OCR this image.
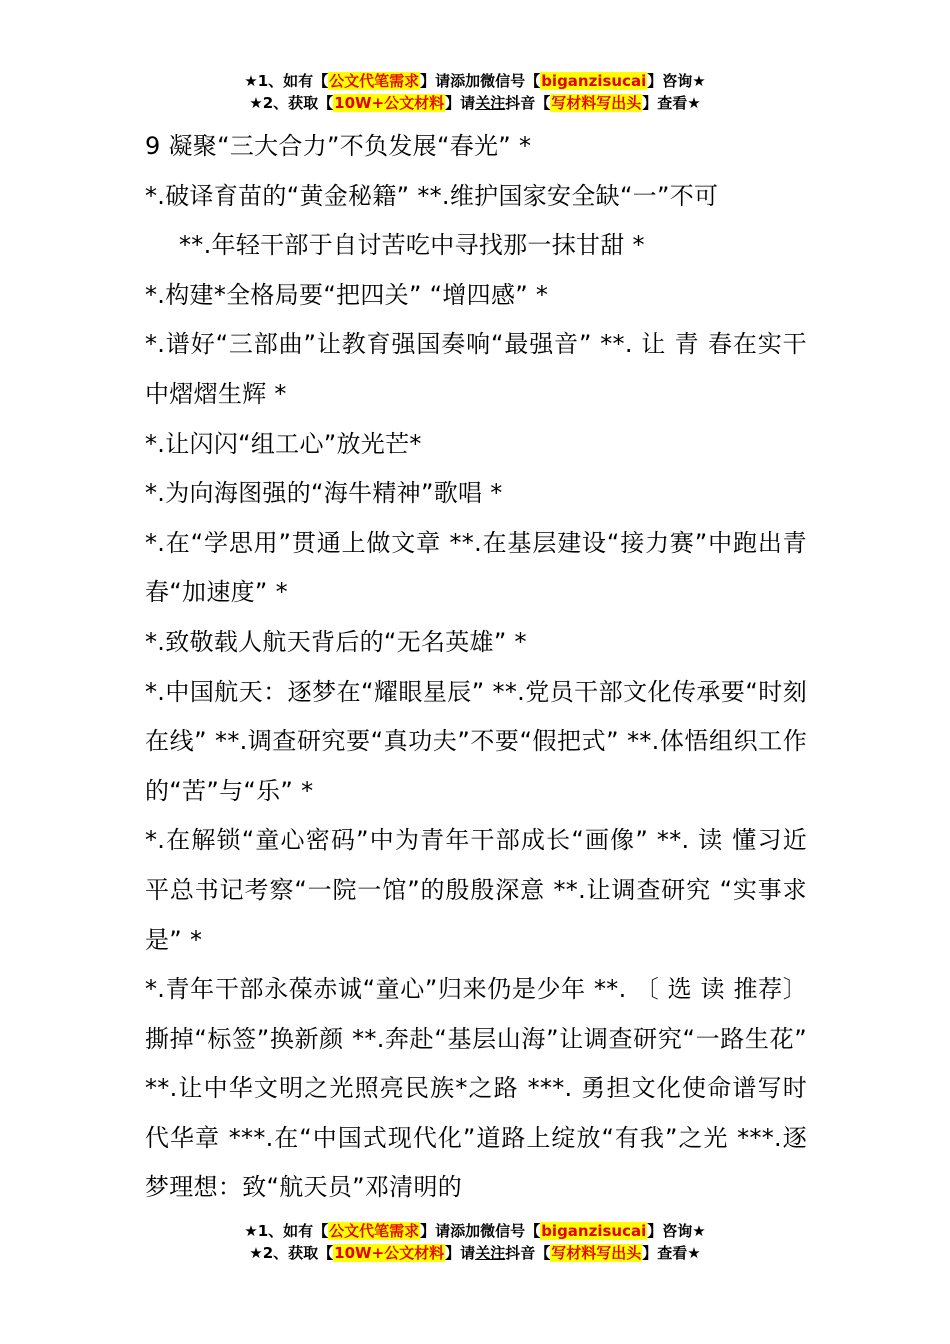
★1、如有【公文代笔需求】请添加微信号【biganzisucai】咨询★
★2、获取【10W+公文材料】请关注抖音【写材料写出头】查看★

9 凝聚“三大合力”不负发展“春光” *

*.破译育苗的“黄金秘籍” **.维护国家安全缺“一”不可

**.年轻干部于自讨苦吃中寻找那一抹甘甜 *

*.构建*全格局要“把四关” “增四感” *

*.谱好“三部曲”让教育强国奏响“最强音” **. 让 青 春在实干中熠熠生辉 *

*.让闪闪“组工心”放光芒*

*.为向海图强的“海牛精神”歌唱 *

*.在“学思用”贯通上做文章 **.在基层建设“接力赛”中跑出青春“加速度” *

*.致敬载人航天背后的“无名英雄” *

*.中国航天：逐梦在“耀眼星辰” **.党员干部文化传承要“时刻在线” **.调查研究要“真功夫”不要“假把式” **.体悟组织工作的“苦”与“乐” *

*.在解锁“童心密码”中为青年干部成长“画像” **. 读 懂习近平总书记考察“一院一馆”的殷殷深意 **.让调查研究 “实事求是” *

*.青年干部永葆赤诚“童心”归来仍是少年 **. 〔 选 读 推荐〕撕掉“标签”换新颜 **.奔赴“基层山海”让调查研究“一路生花” **.让中华文明之光照亮民族*之路 ***. 勇担文化使命谱写时代华章 ***.在“中国式现代化”道路上绽放“有我”之光 ***.逐梦理想：致“航天员”邓清明的

★1、如有【公文代笔需求】请添加微信号【biganzisucai】咨询★
★2、获取【10W+公文材料】请关注抖音【写材料写出头】查看★
